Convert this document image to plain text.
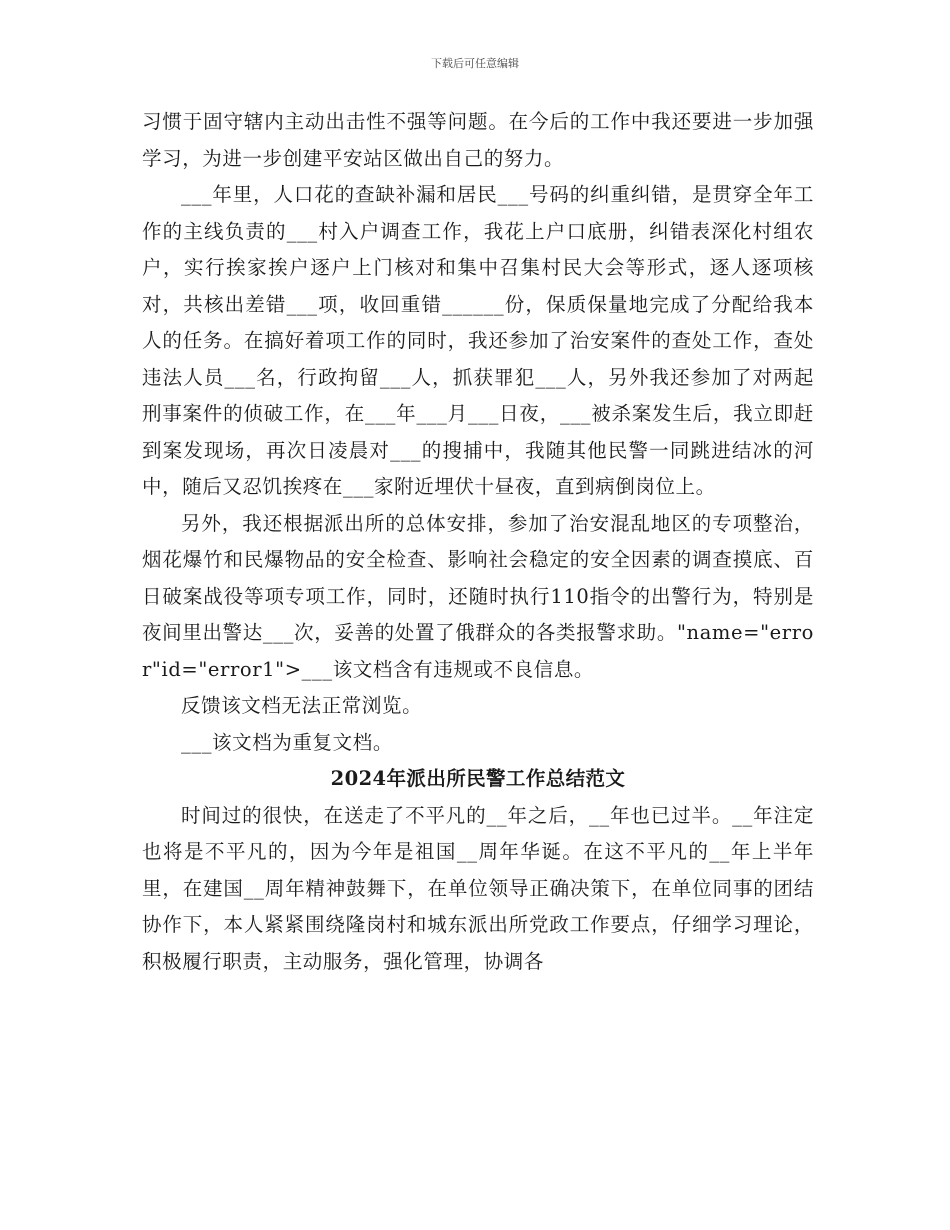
下载后可任意编辑

习惯于固守辖内主动出击性不强等问题。在今后的工作中我还要进一步加强学习，为进一步创建平安站区做出自己的努力。

___年里，人口花的查缺补漏和居民___号码的纠重纠错，是贯穿全年工作的主线负责的___村入户调查工作，我花上户口底册，纠错表深化村组农户，实行挨家挨户逐户上门核对和集中召集村民大会等形式，逐人逐项核对，共核出差错___项，收回重错______份，保质保量地完成了分配给我本人的任务。在搞好着项工作的同时，我还参加了治安案件的查处工作，查处违法人员___名，行政拘留___人，抓获罪犯___人，另外我还参加了对两起刑事案件的侦破工作，在___年___月___日夜，___被杀案发生后，我立即赶到案发现场，再次日凌晨对___的搜捕中，我随其他民警一同跳进结冰的河中，随后又忍饥挨疼在___家附近埋伏十昼夜，直到病倒岗位上。

另外，我还根据派出所的总体安排，参加了治安混乱地区的专项整治，烟花爆竹和民爆物品的安全检查、影响社会稳定的安全因素的调查摸底、百日破案战役等项专项工作，同时，还随时执行110指令的出警行为，特别是夜间里出警达___次，妥善的处置了俄群众的各类报警求助。"name="error"id="error1">___该文档含有违规或不良信息。

反馈该文档无法正常浏览。

___该文档为重复文档。

2024年派出所民警工作总结范文

时间过的很快，在送走了不平凡的__年之后，__年也已过半。__年注定也将是不平凡的，因为今年是祖国__周年华诞。在这不平凡的__年上半年里，在建国__周年精神鼓舞下，在单位领导正确决策下，在单位同事的团结协作下，本人紧紧围绕隆岗村和城东派出所党政工作要点，仔细学习理论，积极履行职责，主动服务，强化管理，协调各
